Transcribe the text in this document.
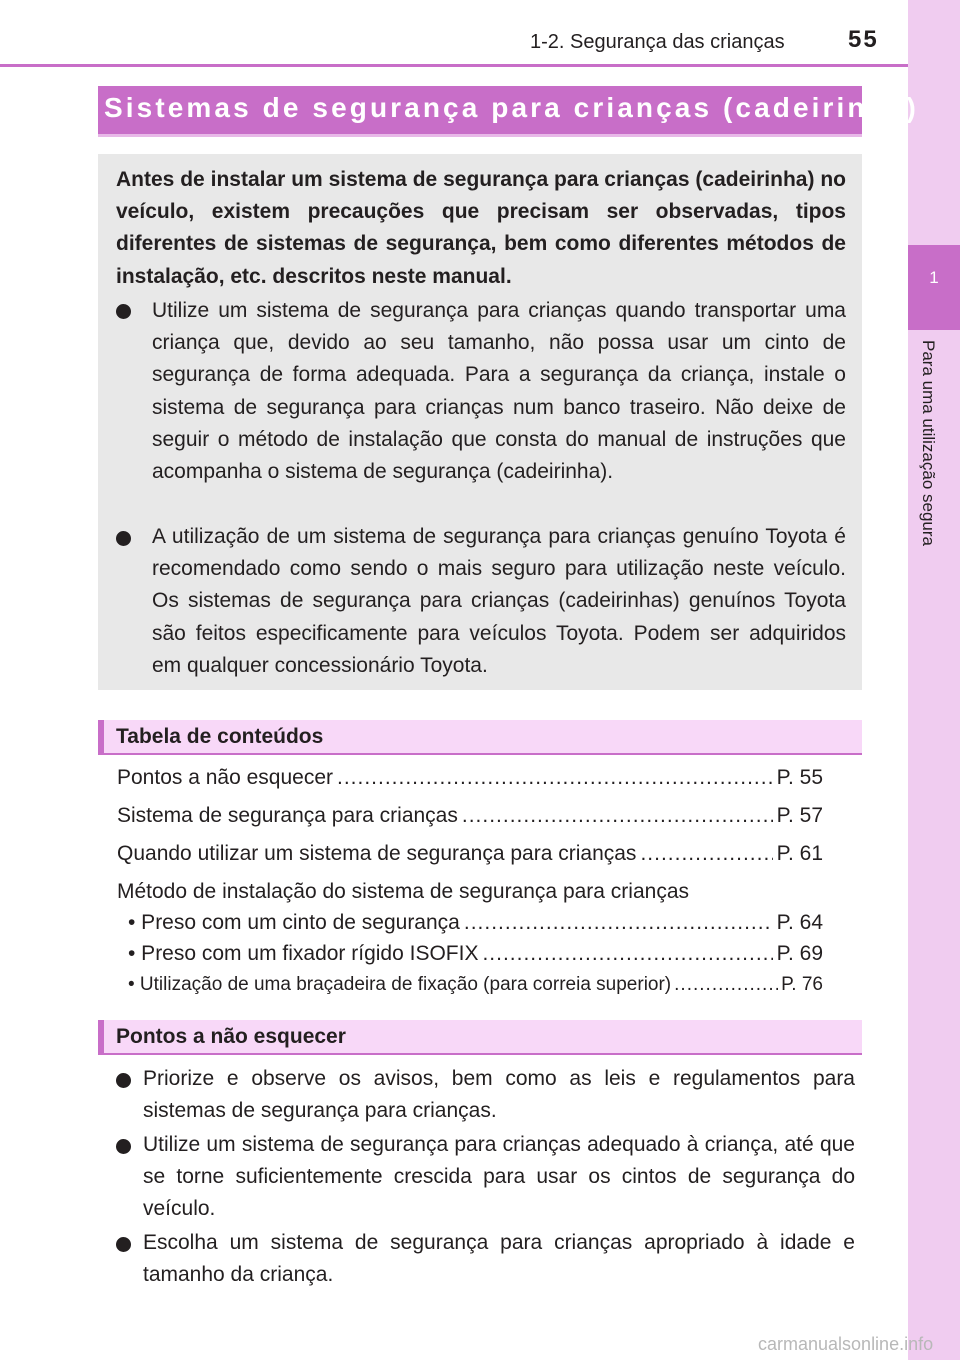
1
Para uma utilização segura
1-2. Segurança das crianças	55
Sistemas de segurança para crianças (cadeirinha)
Antes de instalar um sistema de segurança para crianças (cadeirinha) no veículo, existem precauções que precisam ser observadas, tipos diferentes de sistemas de segurança, bem como diferentes métodos de instalação, etc. descritos neste manual.
Utilize um sistema de segurança para crianças quando transportar uma criança que, devido ao seu tamanho, não possa usar um cinto de segurança de forma adequada. Para a segurança da criança, instale o sistema de segurança para crianças num banco traseiro. Não deixe de seguir o método de instalação que consta do manual de instruções que acompanha o sistema de segurança (cadeirinha).
A utilização de um sistema de segurança para crianças genuíno Toyota é recomendado como sendo o mais seguro para utilização neste veículo. Os sistemas de segurança para crianças (cadeirinhas) genuínos Toyota são feitos especificamente para veículos Toyota. Podem ser adquiridos em qualquer concessionário Toyota.
Tabela de conteúdos
Pontos a não esquecer .....	P. 55
Sistema de segurança para crianças .....	P. 57
Quando utilizar um sistema de segurança para crianças .....	P. 61
Método de instalação do sistema de segurança para crianças
• Preso com um cinto de segurança .....	P. 64
• Preso com um fixador rígido ISOFIX .....	P. 69
• Utilização de uma braçadeira de fixação (para correia superior) .....	P. 76
Pontos a não esquecer
Priorize e observe os avisos, bem como as leis e regulamentos para sistemas de segurança para crianças.
Utilize um sistema de segurança para crianças adequado à criança, até que se torne suficientemente crescida para usar os cintos de segurança do veículo.
Escolha um sistema de segurança para crianças apropriado à idade e tamanho da criança.
carmanualsonline.info
